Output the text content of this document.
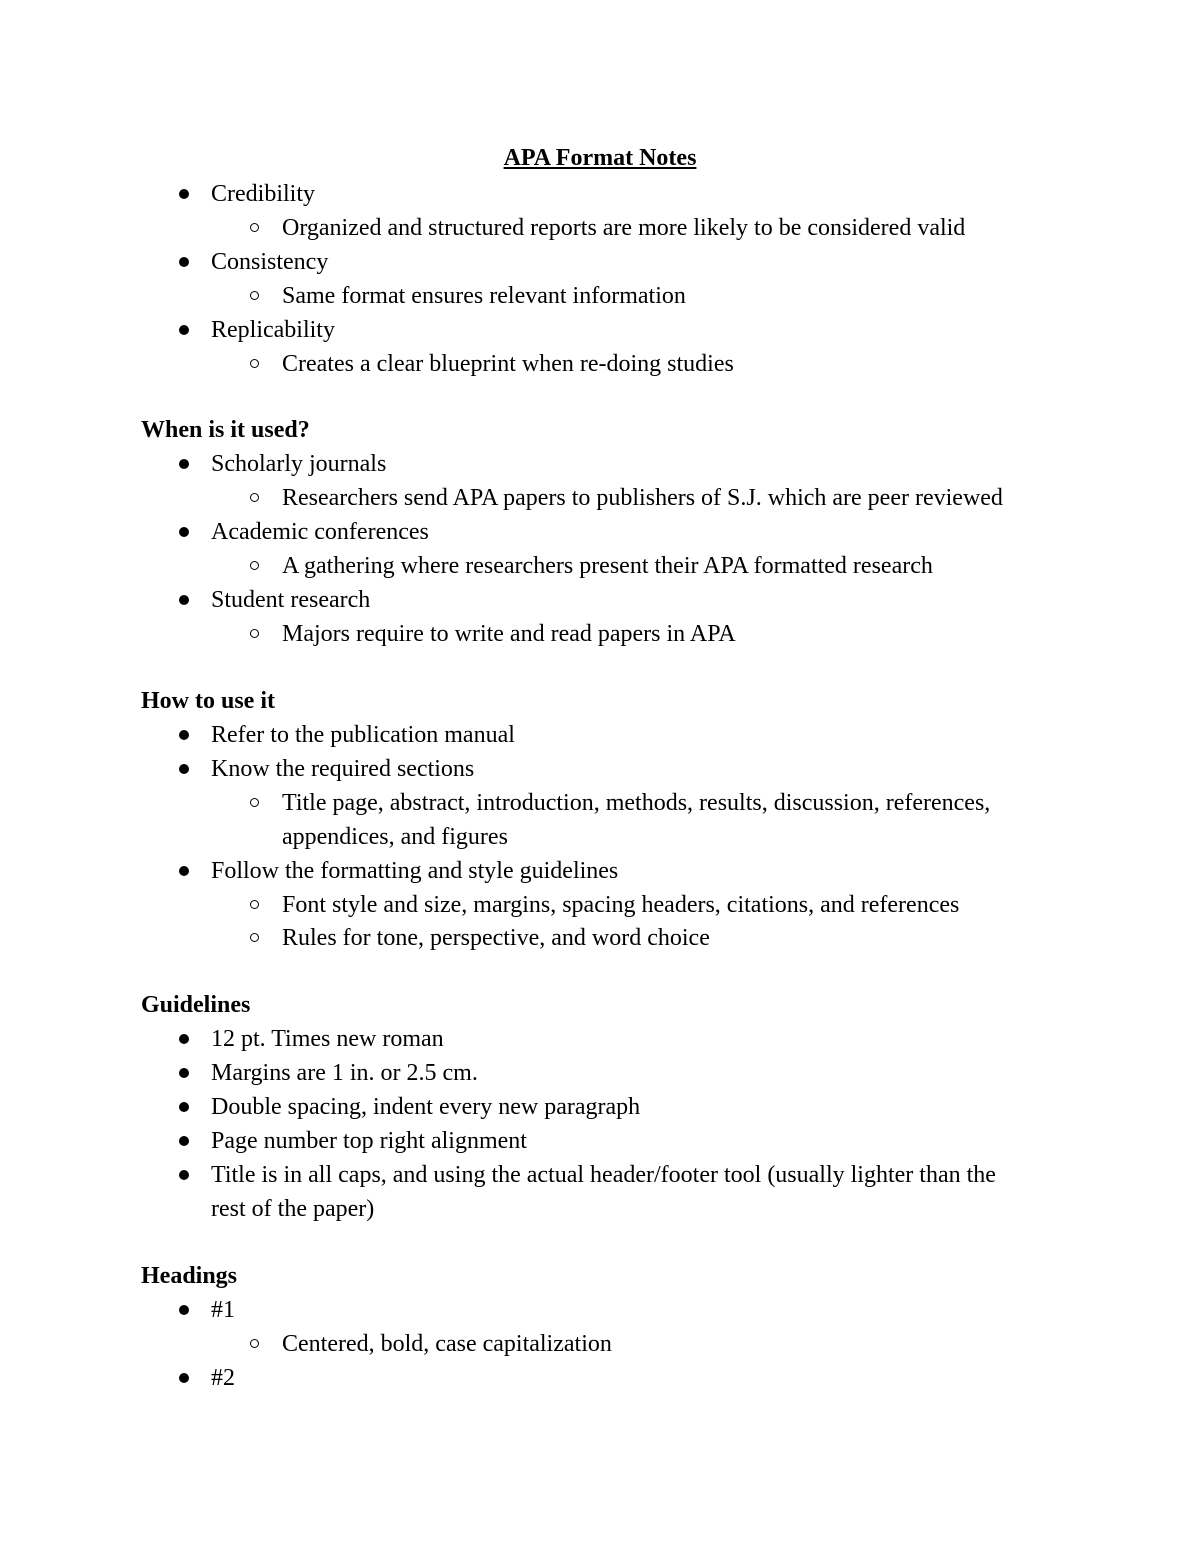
APA Format Notes
Credibility
Organized and structured reports are more likely to be considered valid
Consistency
Same format ensures relevant information
Replicability
Creates a clear blueprint when re-doing studies
When is it used?
Scholarly journals
Researchers send APA papers to publishers of S.J. which are peer reviewed
Academic conferences
A gathering where researchers present their APA formatted research
Student research
Majors require to write and read papers in APA
How to use it
Refer to the publication manual
Know the required sections
Title page, abstract, introduction, methods, results, discussion, references,
appendices, and figures
Follow the formatting and style guidelines
Font style and size, margins, spacing headers, citations, and references
Rules for tone, perspective, and word choice
Guidelines
12 pt. Times new roman
Margins are 1 in. or 2.5 cm.
Double spacing, indent every new paragraph
Page number top right alignment
Title is in all caps, and using the actual header/footer tool (usually lighter than the
rest of the paper)
Headings
#1
Centered, bold, case capitalization
#2
